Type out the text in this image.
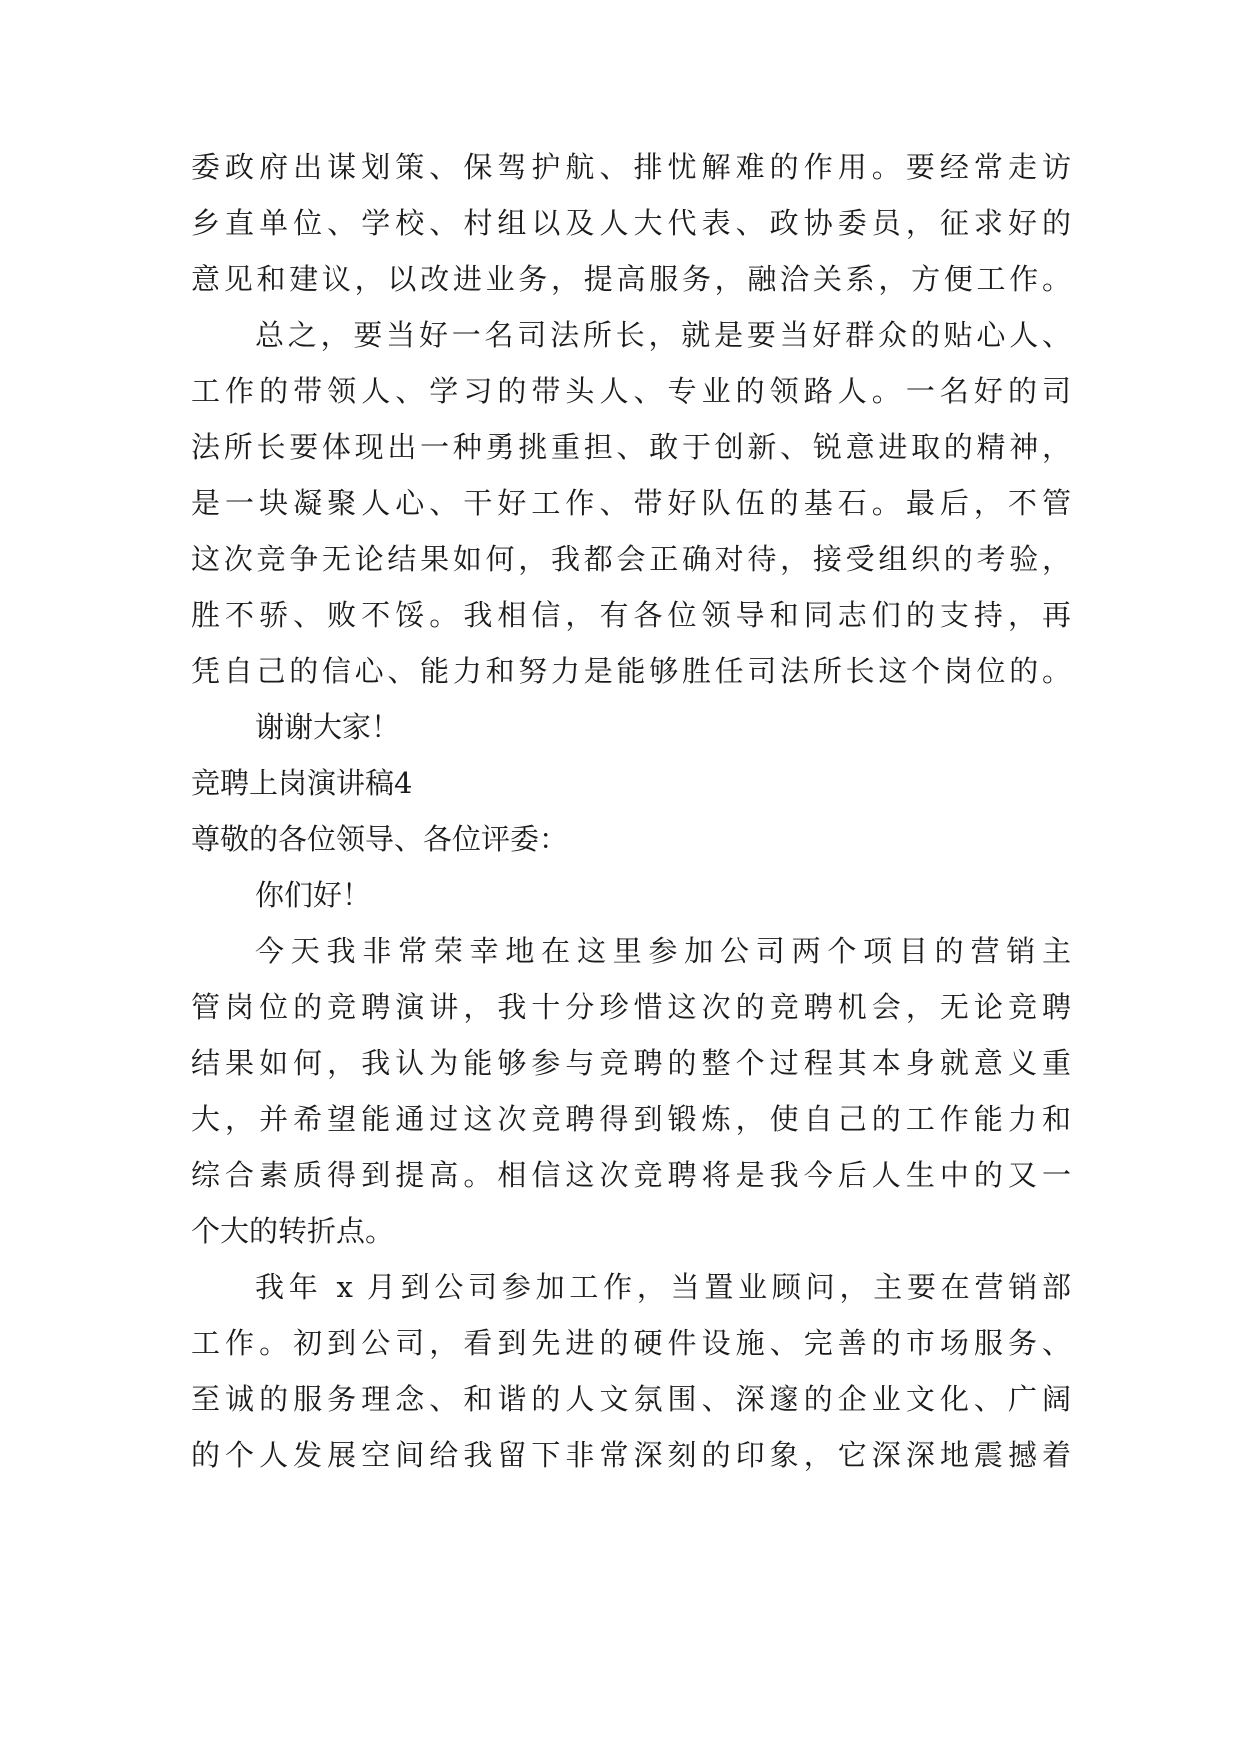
委政府出谋划策、保驾护航、排忧解难的作用。要经常走访
乡直单位、学校、村组以及人大代表、政协委员，征求好的
意见和建议，以改进业务，提高服务，融洽关系，方便工作。
总之，要当好一名司法所长，就是要当好群众的贴心人、
工作的带领人、学习的带头人、专业的领路人。一名好的司
法所长要体现出一种勇挑重担、敢于创新、锐意进取的精神，
是一块凝聚人心、干好工作、带好队伍的基石。最后，不管
这次竞争无论结果如何，我都会正确对待，接受组织的考验，
胜不骄、败不馁。我相信，有各位领导和同志们的支持，再
凭自己的信心、能力和努力是能够胜任司法所长这个岗位的。
谢谢大家！
竞聘上岗演讲稿4
尊敬的各位领导、各位评委：
你们好！
今天我非常荣幸地在这里参加公司两个项目的营销主
管岗位的竞聘演讲，我十分珍惜这次的竞聘机会，无论竞聘
结果如何，我认为能够参与竞聘的整个过程其本身就意义重
大，并希望能通过这次竞聘得到锻炼，使自己的工作能力和
综合素质得到提高。相信这次竞聘将是我今后人生中的又一
个大的转折点。
我年 x 月到公司参加工作，当置业顾问，主要在营销部
工作。初到公司，看到先进的硬件设施、完善的市场服务、
至诚的服务理念、和谐的人文氛围、深邃的企业文化、广阔
的个人发展空间给我留下非常深刻的印象，它深深地震撼着
